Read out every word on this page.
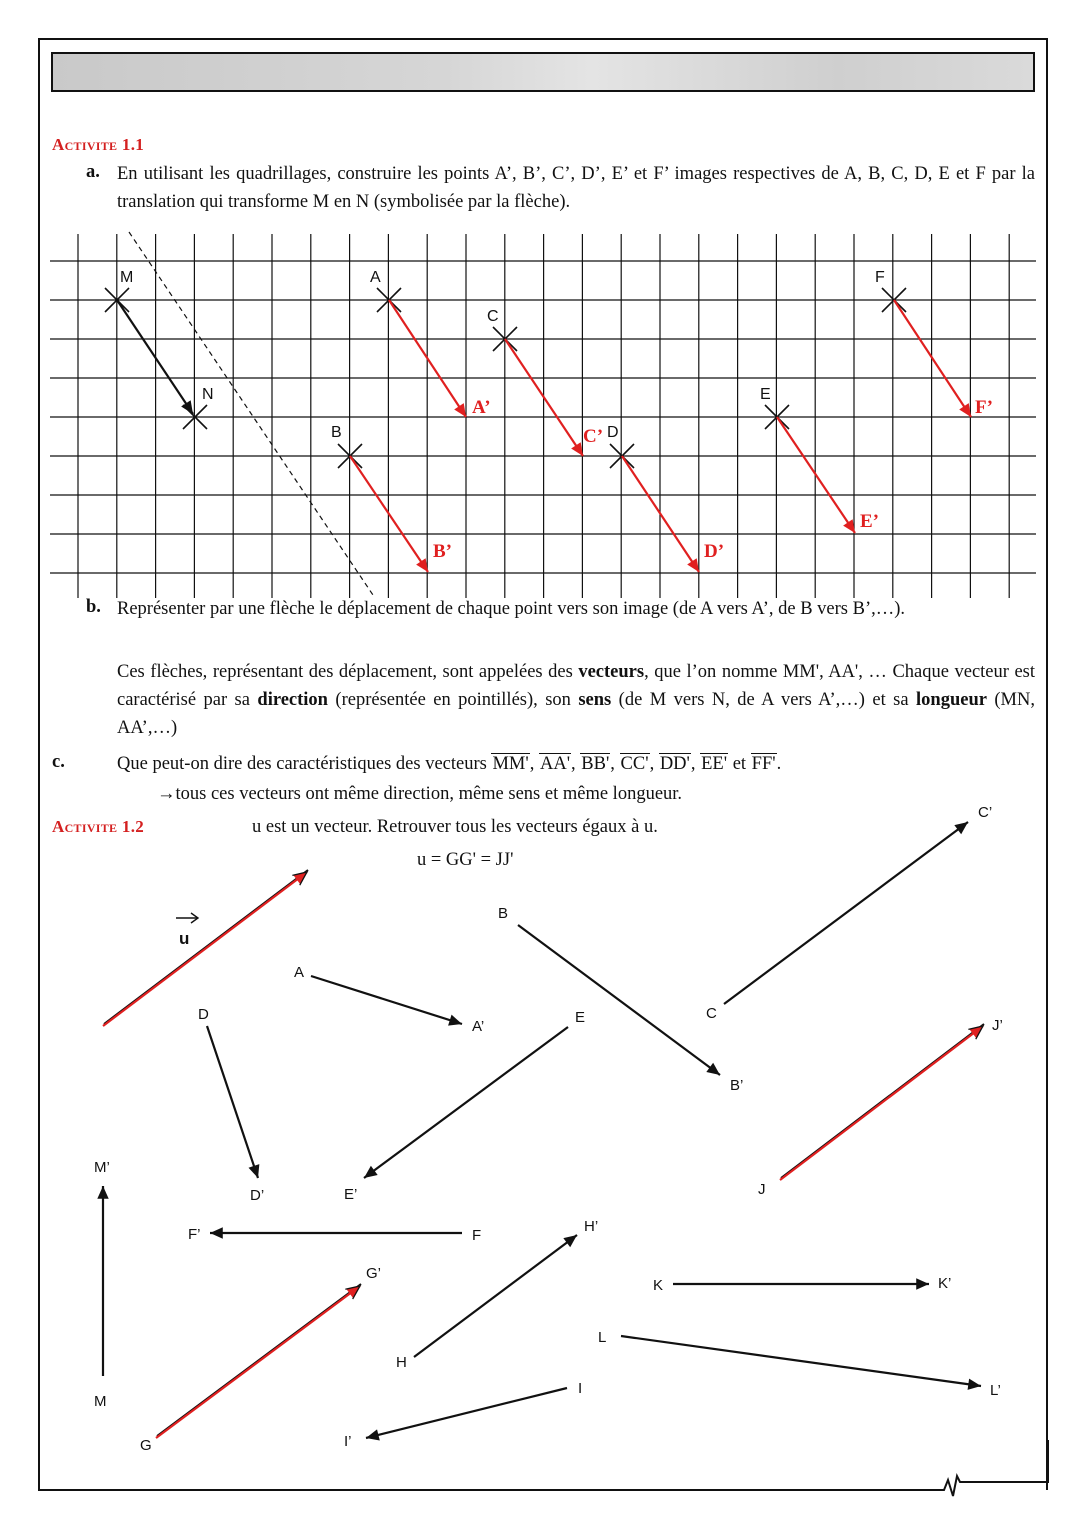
Activite 1.1
a. En utilisant les quadrillages, construire les points A’, B’, C’, D’, E’ et F’ images respectives de A, B, C, D, E et F par la translation qui transforme M en N (symbolisée par la flèche).
M
N
A
A’
B
B’
C
C’ D
D’
E
E’
F
F’
b. Représenter par une flèche le déplacement de chaque point vers son image (de A vers A’, de B vers B’,…).
Ces flèches, représentant des déplacement, sont appelées des vecteurs, que l’on nomme MM', AA', … Chaque vecteur est caractérisé par sa direction (représentée en pointillés), son sens (de M vers N, de A vers A’,…) et sa longueur (MN, AA’,…)
c.	Que peut-on dire des caractéristiques des vecteurs MM', AA', BB', CC', DD', EE' et FF'.
→tous ces vecteurs ont même direction, même sens et même longueur.
Activite 1.2	u est un vecteur. Retrouver tous les vecteurs égaux à u.
u = GG' = JJ'
A
A’
B
B’
C
C’
D
D’
E
E’
F
F’
H
H’
I
I’
K	K’
L
L’
M
M’
G
G’
J
J’
u
